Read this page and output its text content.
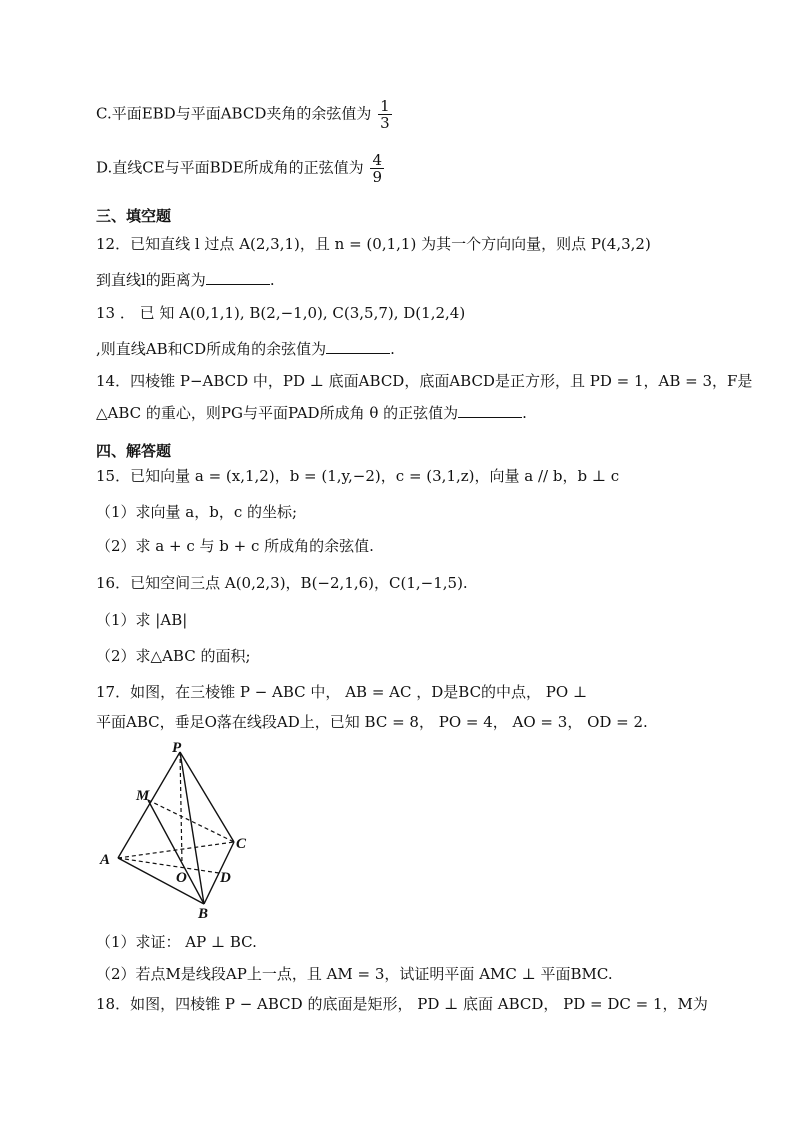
C.平面EBD与平面ABCD夹角的余弦值为 $\frac{1}{3}$
D.直线CE与平面BDE所成角的正弦值为 $\frac{4}{9}$
三、填空题
12．已知直线 l 过点 A(2,3,1)，且 n = (0,1,1) 为其一个方向向量，则点 P(4,3,2)
到直线l的距离为	.
13 ． 已 知 A(0,1,1), B(2,−1,0), C(3,5,7), D(1,2,4)
,则直线AB和CD所成角的余弦值为	.
14．四棱锥 P−ABCD 中，PD ⊥ 底面ABCD，底面ABCD是正方形，且 PD = 1，AB = 3，F是
△ABC 的重心，则PG与平面PAD所成角 θ 的正弦值为	.
四、解答题
15．已知向量 a = (x,1,2)，b = (1,y,−2)，c = (3,1,z)，向量 a // b，b ⊥ c
（1）求向量 a，b，c 的坐标;
（2）求 a + c 与 b + c 所成角的余弦值.
16．已知空间三点 A(0,2,3)，B(−2,1,6)，C(1,−1,5).
（1）求 |AB|
（2）求△ABC 的面积;
17．如图，在三棱锥 P − ABC 中， AB = AC ，D是BC的中点， PO ⊥
平面ABC，垂足O落在线段AD上，已知 BC = 8， PO = 4， AO = 3， OD = 2.
P
M
A
C
O D
B
（1）求证： AP ⊥ BC.
（2）若点M是线段AP上一点，且 AM = 3，试证明平面 AMC ⊥ 平面BMC.
18．如图，四棱锥 P − ABCD 的底面是矩形， PD ⊥ 底面 ABCD， PD = DC = 1，M为
